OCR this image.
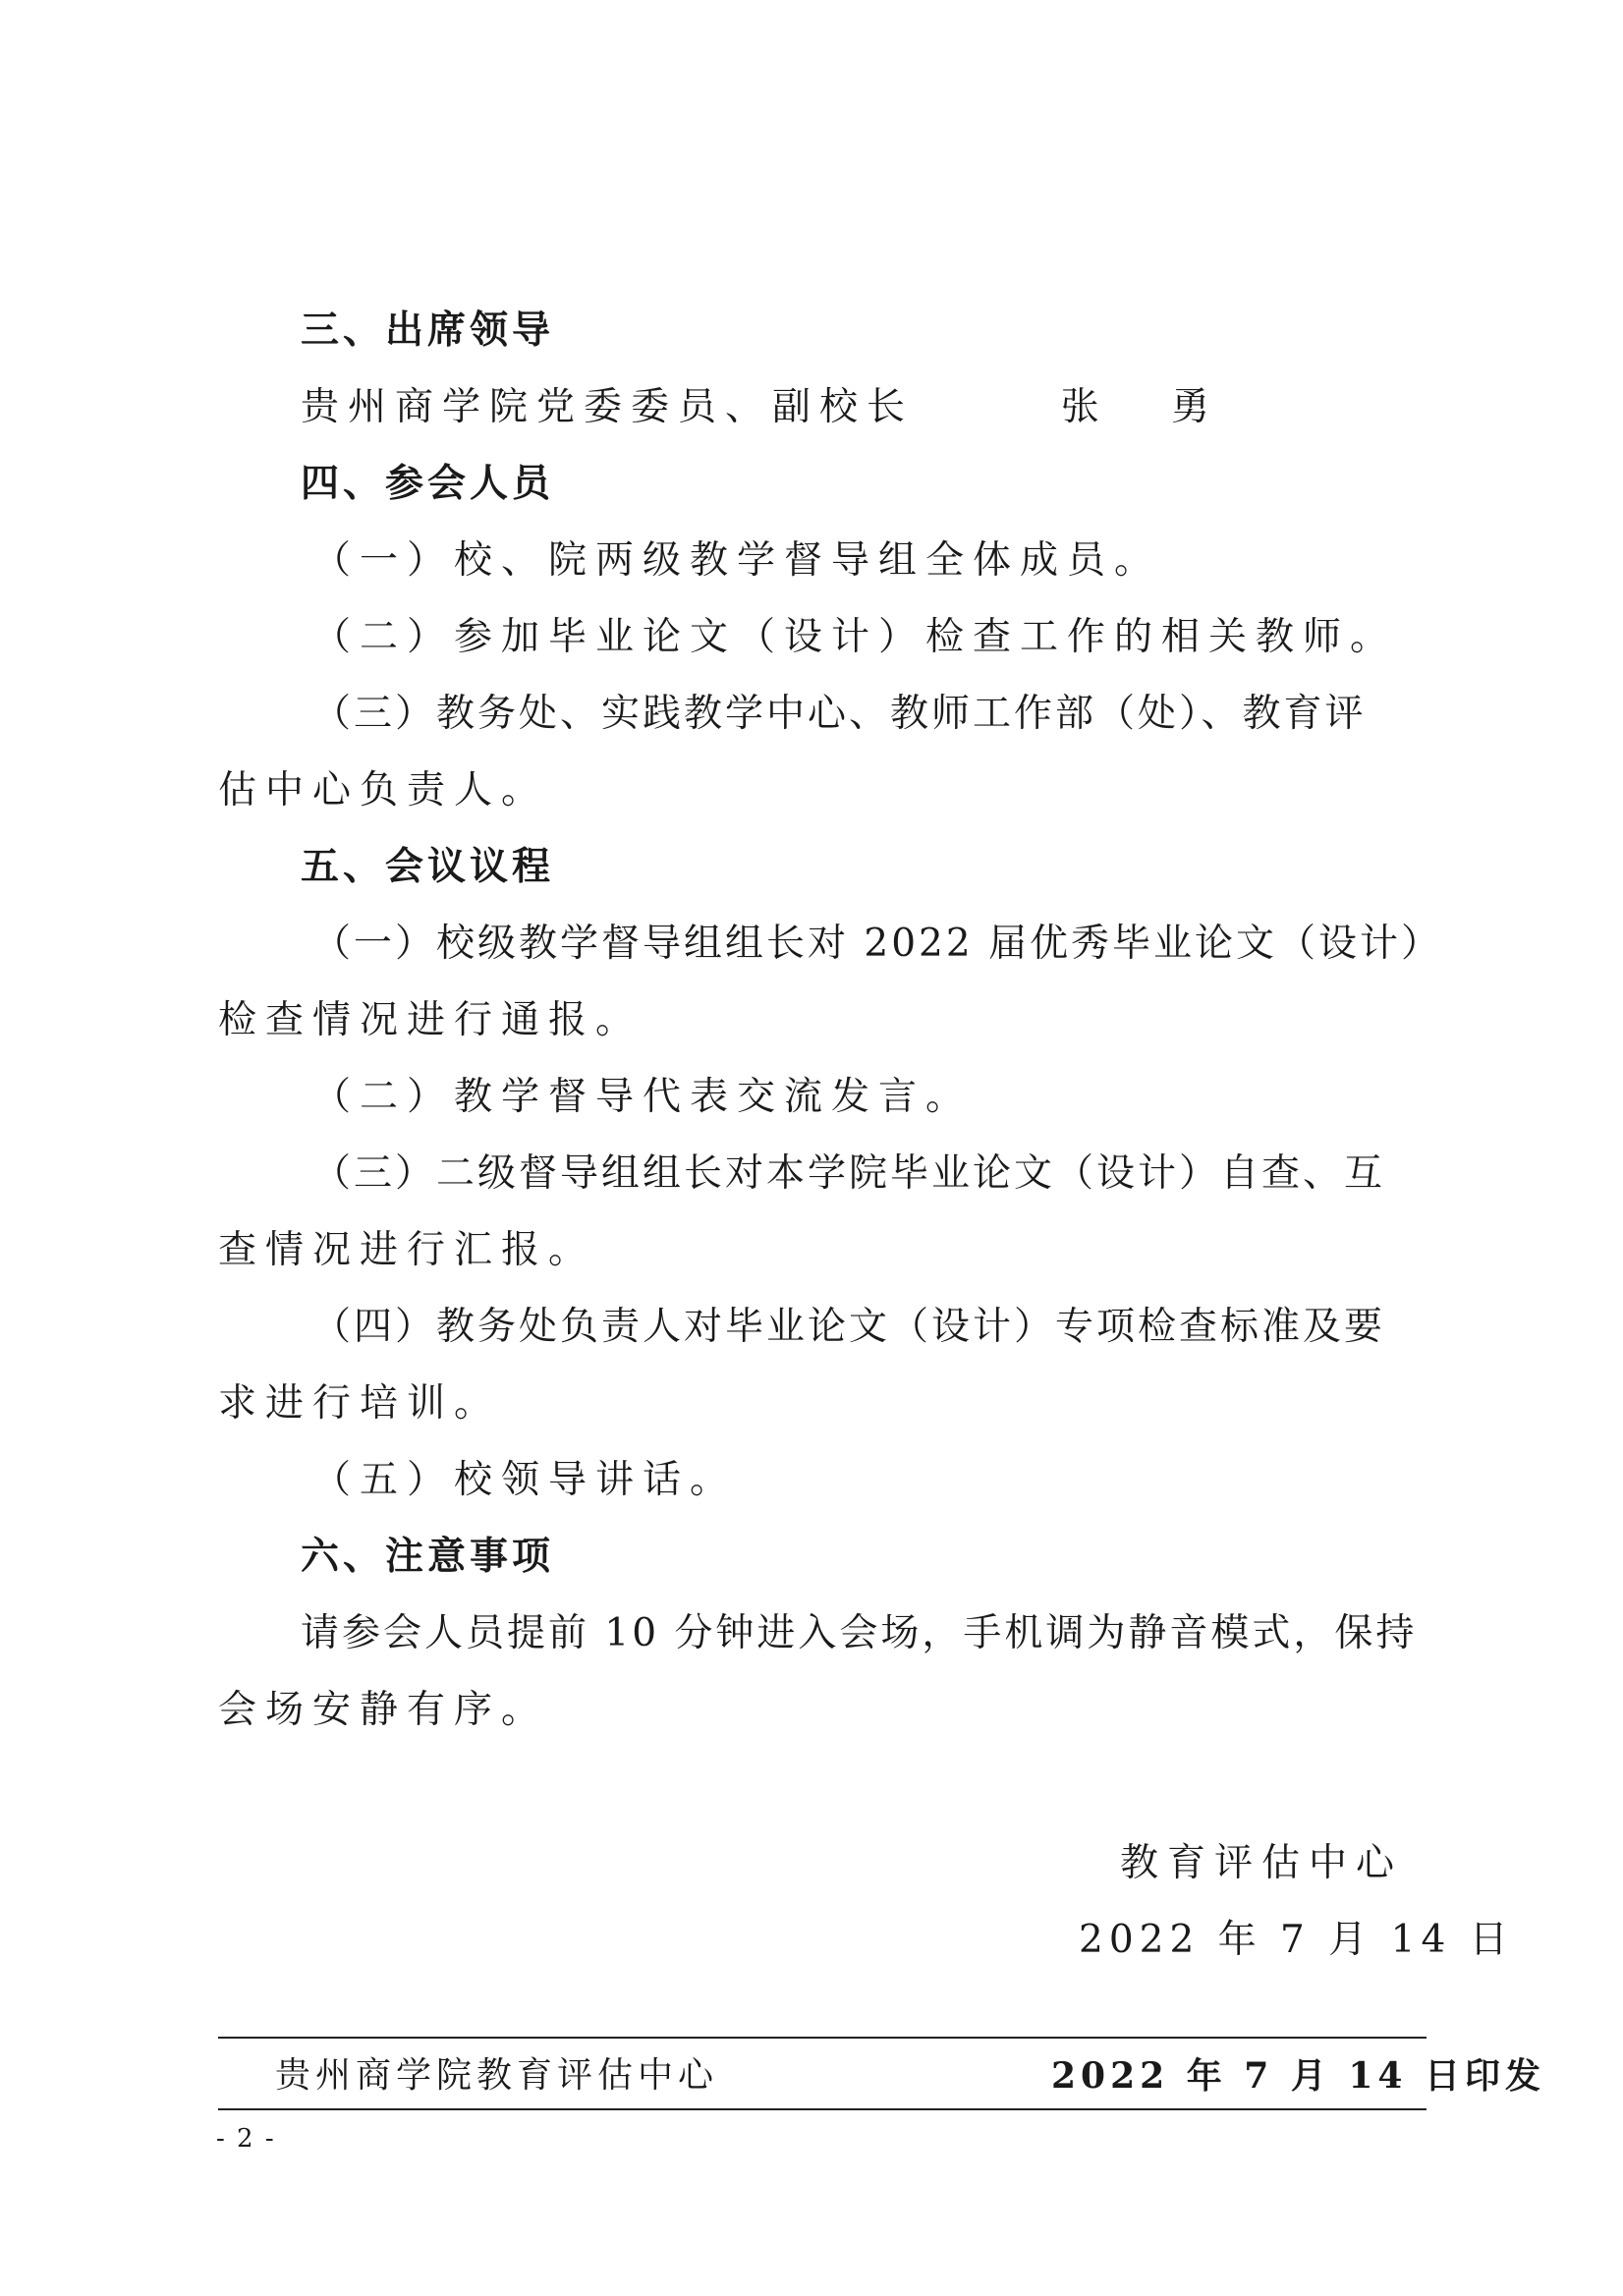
三、出席领导
贵州商学院党委委员、副校长       张   勇
四、参会人员
（一）校、院两级教学督导组全体成员。
（二）参加毕业论文（设计）检查工作的相关教师。
（三）教务处、实践教学中心、教师工作部（处）、教育评
估中心负责人。
五、会议议程
（一）校级教学督导组组长对 2022 届优秀毕业论文（设计）
检查情况进行通报。
（二）教学督导代表交流发言。
（三）二级督导组组长对本学院毕业论文（设计）自查、互
查情况进行汇报。
（四）教务处负责人对毕业论文（设计）专项检查标准及要
求进行培训。
（五）校领导讲话。
六、注意事项
请参会人员提前 10 分钟进入会场，手机调为静音模式，保持
会场安静有序。
教育评估中心
2022 年 7 月 14 日
贵州商学院教育评估中心	2022 年 7 月 14 日印发
- 2 -
